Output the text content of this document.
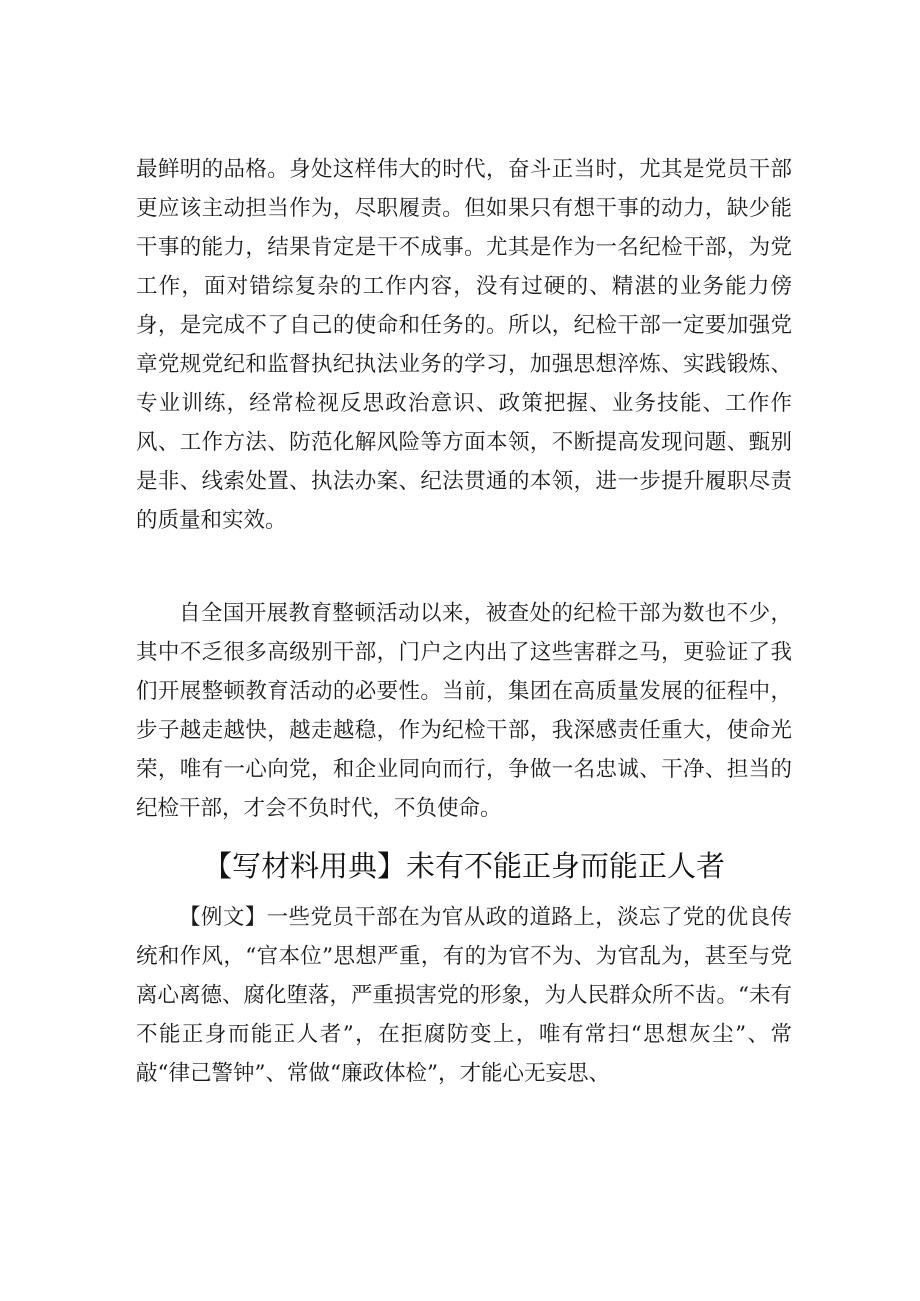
最鲜明的品格。身处这样伟大的时代，奋斗正当时，尤其是党员干部更应该主动担当作为，尽职履责。但如果只有想干事的动力，缺少能干事的能力，结果肯定是干不成事。尤其是作为一名纪检干部，为党工作，面对错综复杂的工作内容，没有过硬的、精湛的业务能力傍身，是完成不了自己的使命和任务的。所以，纪检干部一定要加强党章党规党纪和监督执纪执法业务的学习，加强思想淬炼、实践锻炼、专业训练，经常检视反思政治意识、政策把握、业务技能、工作作风、工作方法、防范化解风险等方面本领，不断提高发现问题、甄别是非、线索处置、执法办案、纪法贯通的本领，进一步提升履职尽责的质量和实效。

自全国开展教育整顿活动以来，被查处的纪检干部为数也不少，其中不乏很多高级别干部，门户之内出了这些害群之马，更验证了我们开展整顿教育活动的必要性。当前，集团在高质量发展的征程中，步子越走越快，越走越稳，作为纪检干部，我深感责任重大，使命光荣，唯有一心向党，和企业同向而行，争做一名忠诚、干净、担当的纪检干部，才会不负时代，不负使命。

【写材料用典】未有不能正身而能正人者

【例文】一些党员干部在为官从政的道路上，淡忘了党的优良传统和作风，“官本位”思想严重，有的为官不为、为官乱为，甚至与党离心离德、腐化堕落，严重损害党的形象，为人民群众所不齿。“未有不能正身而能正人者”，在拒腐防变上，唯有常扫“思想灰尘”、常敲“律己警钟”、常做“廉政体检”，才能心无妄思、
